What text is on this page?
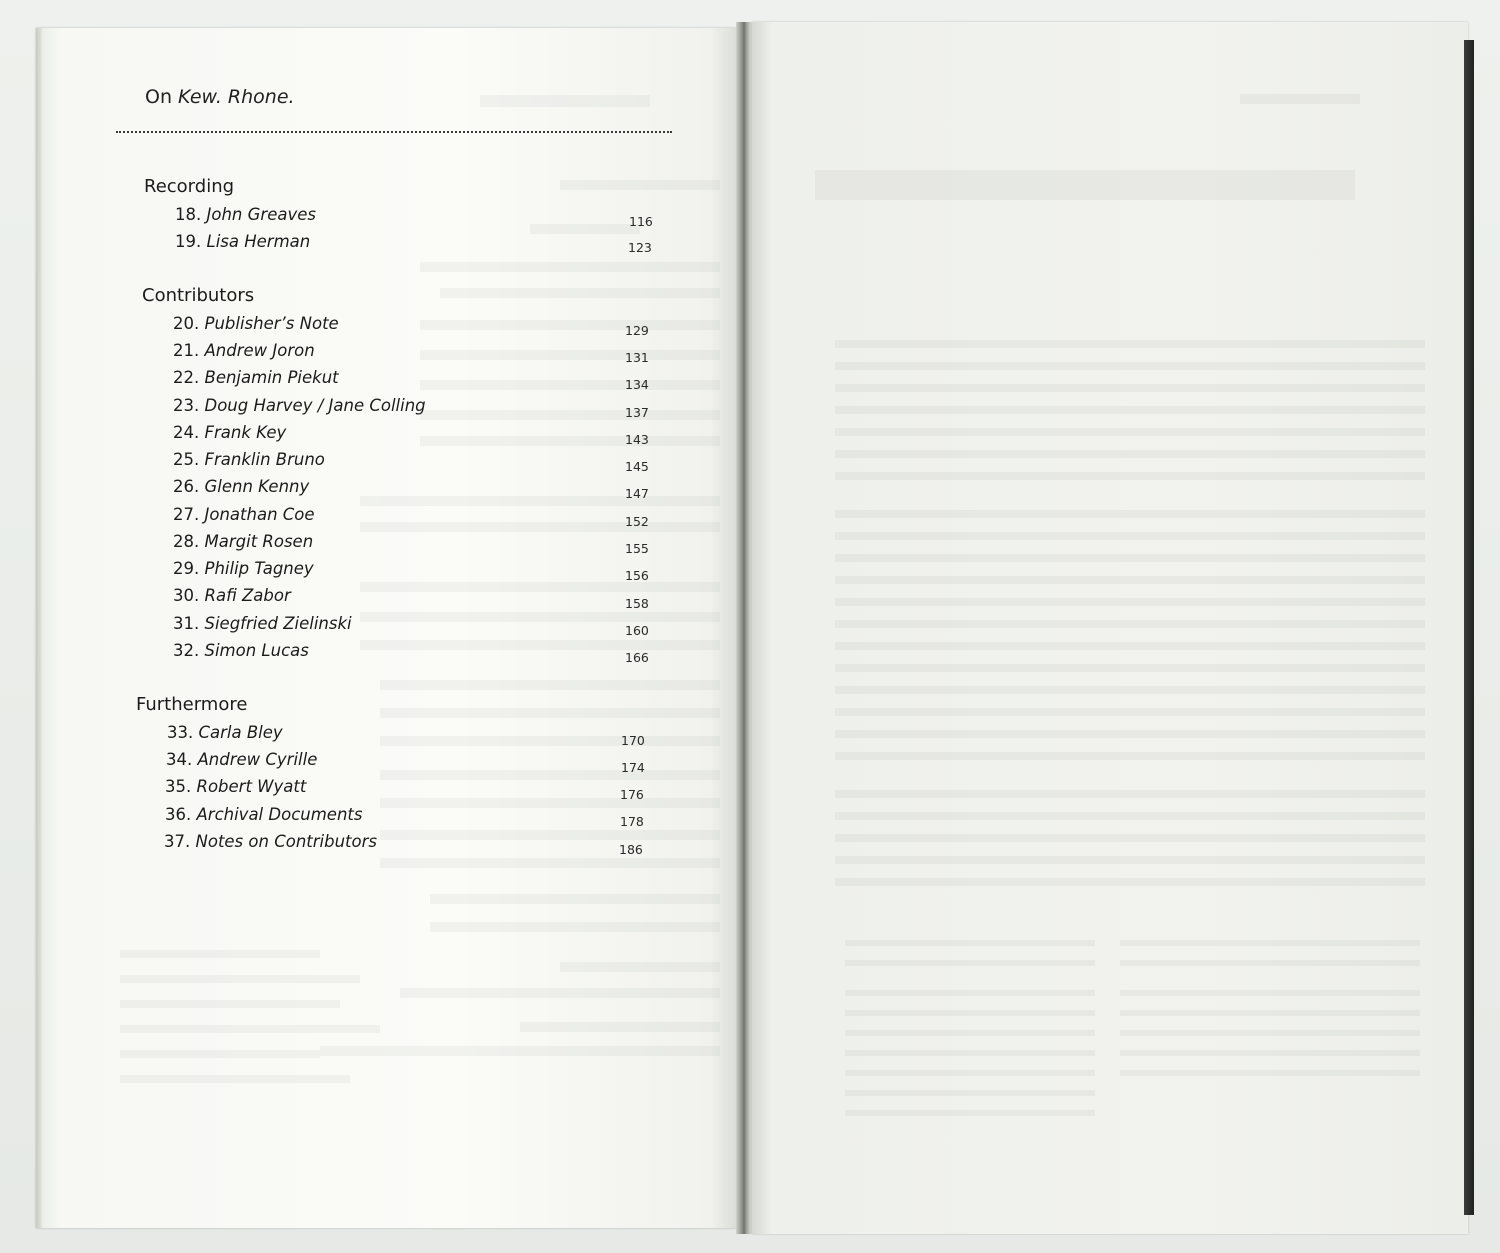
On Kew. Rhone.
Recording
18. John Greaves	116
19. Lisa Herman	123
Contributors
20. Publisher’s Note	129
21. Andrew Joron	131
22. Benjamin Piekut	134
23. Doug Harvey / Jane Colling	137
24. Frank Key	143
25. Franklin Bruno	145
26. Glenn Kenny	147
27. Jonathan Coe	152
28. Margit Rosen	155
29. Philip Tagney	156
30. Rafi Zabor	158
31. Siegfried Zielinski	160
32. Simon Lucas	166
Furthermore
33. Carla Bley	170
34. Andrew Cyrille	174
35. Robert Wyatt	176
36. Archival Documents	178
37. Notes on Contributors	186
